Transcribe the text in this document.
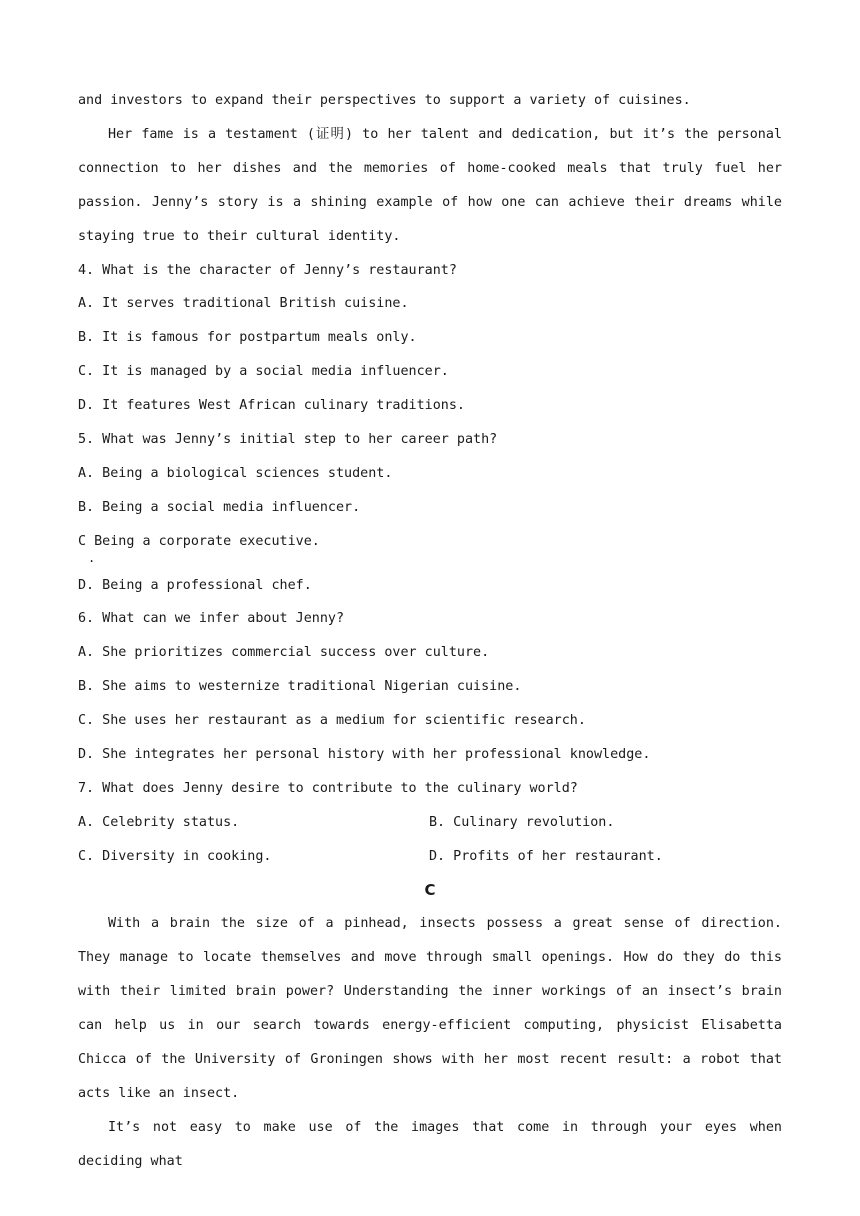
and investors to expand their perspectives to support a variety of cuisines.

Her fame is a testament (证明) to her talent and dedication, but it’s the personal connection to her dishes and the memories of home-cooked meals that truly fuel her passion. Jenny’s story is a shining example of how one can achieve their dreams while staying true to their cultural identity.

4. What is the character of Jenny’s restaurant?
A. It serves traditional British cuisine.
B. It is famous for postpartum meals only.
C. It is managed by a social media influencer.
D. It features West African culinary traditions.
5. What was Jenny’s initial step to her career path?
A. Being a biological sciences student.
B. Being a social media influencer.
C Being a corporate executive.
.
D. Being a professional chef.
6. What can we infer about Jenny?
A. She prioritizes commercial success over culture.
B. She aims to westernize traditional Nigerian cuisine.
C. She uses her restaurant as a medium for scientific research.
D. She integrates her personal history with her professional knowledge.
7. What does Jenny desire to contribute to the culinary world?
A. Celebrity status.	B. Culinary revolution.
C. Diversity in cooking.	D. Profits of her restaurant.
C

With a brain the size of a pinhead, insects possess a great sense of direction. They manage to locate themselves and move through small openings. How do they do this with their limited brain power? Understanding the inner workings of an insect’s brain can help us in our search towards energy-efficient computing, physicist Elisabetta Chicca of the University of Groningen shows with her most recent result: a robot that acts like an insect.

It’s not easy to make use of the images that come in through your eyes when deciding what
